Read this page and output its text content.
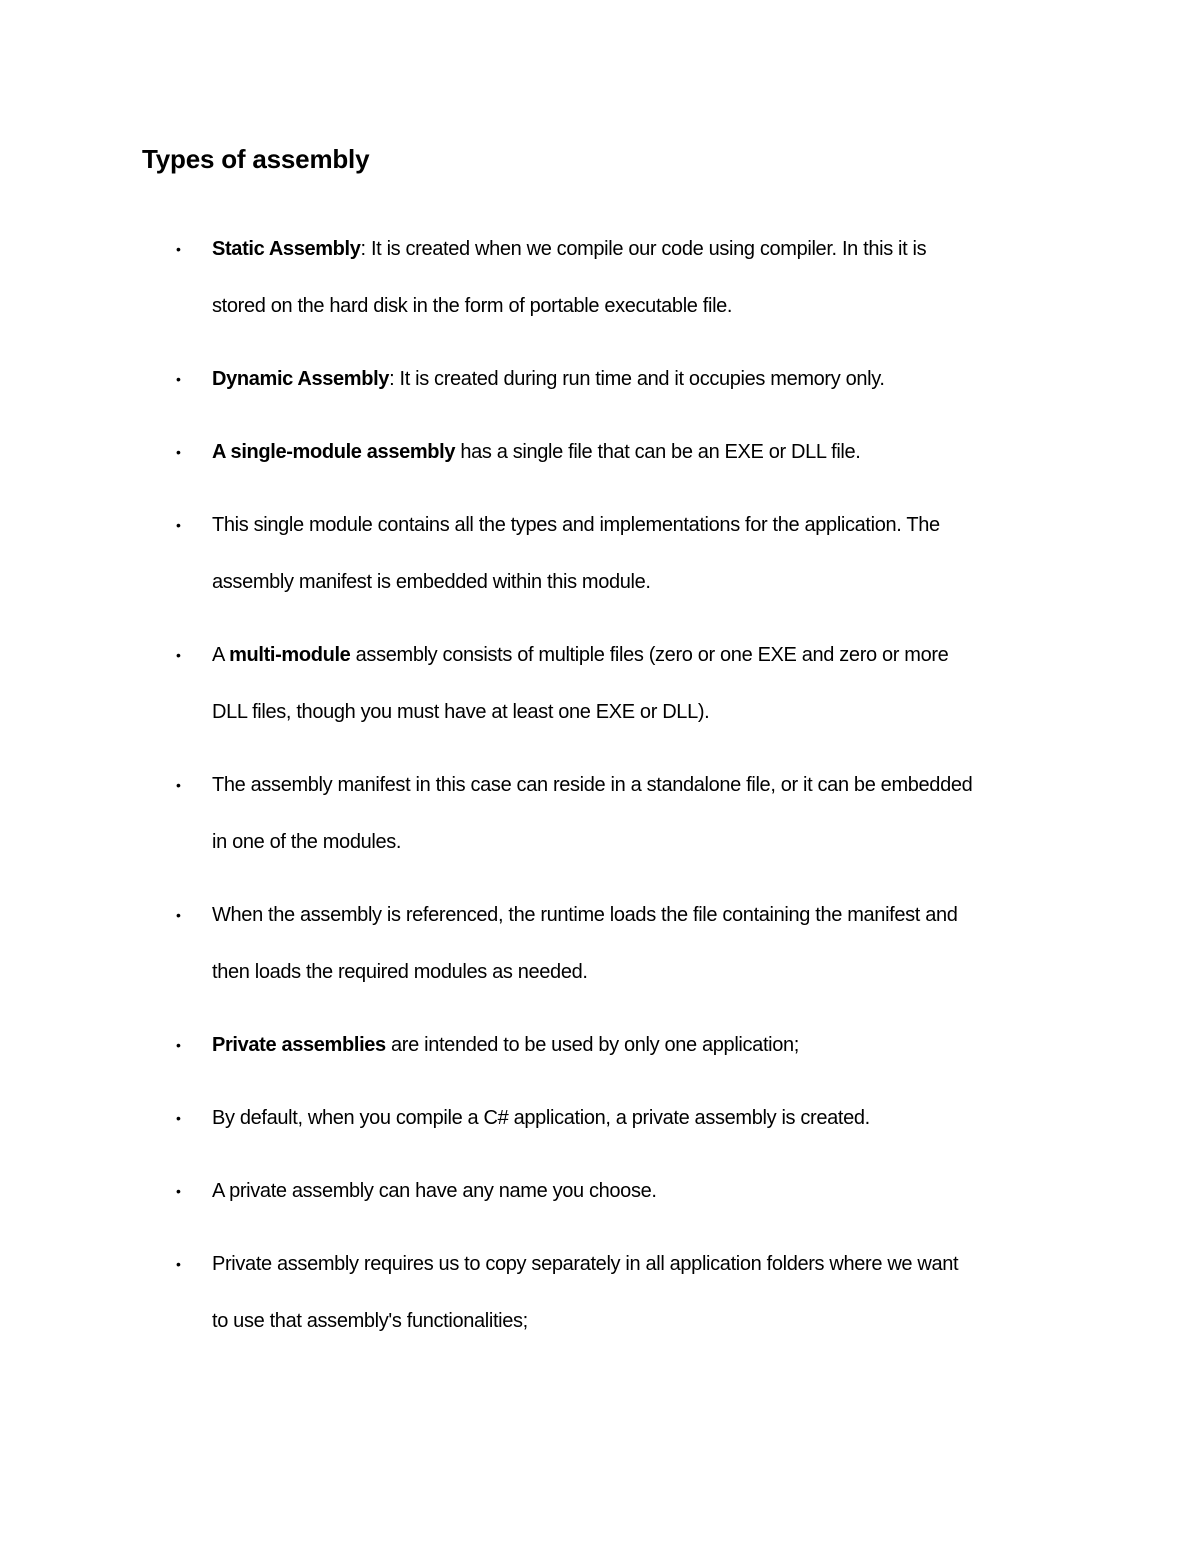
Types of assembly
• Static Assembly: It is created when we compile our code using compiler. In this it is
stored on the hard disk in the form of portable executable file.
• Dynamic Assembly: It is created during run time and it occupies memory only.
• A single-module assembly has a single file that can be an EXE or DLL file.
• This single module contains all the types and implementations for the application. The
assembly manifest is embedded within this module.
• A multi-module assembly consists of multiple files (zero or one EXE and zero or more
DLL files, though you must have at least one EXE or DLL).
• The assembly manifest in this case can reside in a standalone file, or it can be embedded
in one of the modules.
• When the assembly is referenced, the runtime loads the file containing the manifest and
then loads the required modules as needed.
• Private assemblies are intended to be used by only one application;
• By default, when you compile a C# application, a private assembly is created.
• A private assembly can have any name you choose.
• Private assembly requires us to copy separately in all application folders where we want
to use that assembly's functionalities;
